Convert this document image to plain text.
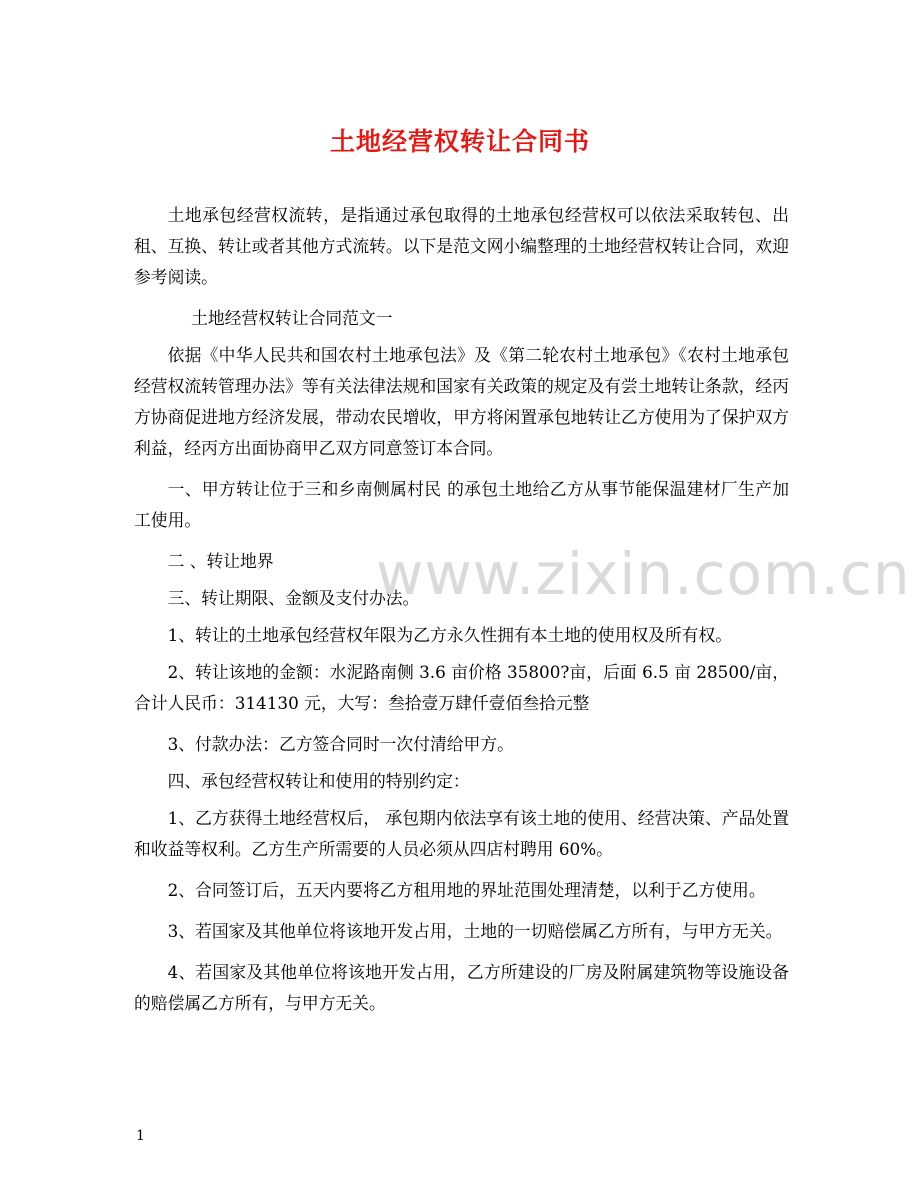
土地经营权转让合同书

土地承包经营权流转，是指通过承包取得的土地承包经营权可以依法采取转包、出租、互换、转让或者其他方式流转。以下是范文网小编整理的土地经营权转让合同，欢迎参考阅读。

土地经营权转让合同范文一

依据《中华人民共和国农村土地承包法》及《第二轮农村土地承包》《农村土地承包经营权流转管理办法》等有关法律法规和国家有关政策的规定及有尝土地转让条款，经丙方协商促进地方经济发展，带动农民增收，甲方将闲置承包地转让乙方使用为了保护双方利益，经丙方出面协商甲乙双方同意签订本合同。

一、甲方转让位于三和乡南侧属村民 的承包土地给乙方从事节能保温建材厂生产加工使用。

二 、转让地界

三、转让期限、金额及支付办法。

1、转让的土地承包经营权年限为乙方永久性拥有本土地的使用权及所有权。

2、转让该地的金额：水泥路南侧 3.6 亩价格 35800?亩，后面 6.5 亩 28500/亩，合计人民币：314130 元，大写：叁拾壹万肆仟壹佰叁拾元整

3、付款办法：乙方签合同时一次付清给甲方。

四、承包经营权转让和使用的特别约定：

1、乙方获得土地经营权后， 承包期内依法享有该土地的使用、经营决策、产品处置和收益等权利。乙方生产所需要的人员必须从四店村聘用 60%。

2、合同签订后，五天内要将乙方租用地的界址范围处理清楚，以利于乙方使用。

3、若国家及其他单位将该地开发占用，土地的一切赔偿属乙方所有，与甲方无关。

4、若国家及其他单位将该地开发占用，乙方所建设的厂房及附属建筑物等设施设备的赔偿属乙方所有，与甲方无关。

www.zixin.com.cn
1
